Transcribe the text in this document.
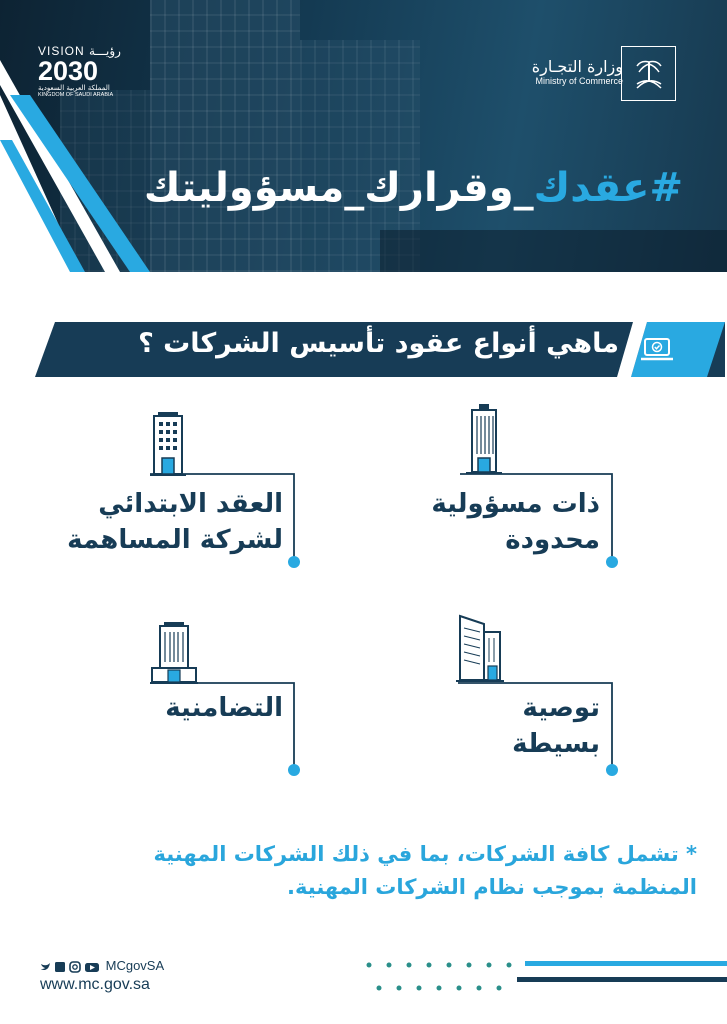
VISION رؤيـــة
2030
المملكة العربية السعودية
KINGDOM OF SAUDI ARABIA
وزارة التجـارة
Ministry of Commerce
#عقدك_وقرارك_مسؤوليتك
ماهي أنواع عقود تأسيس الشركات ؟
ذات مسؤولية
محدودة
العقد الابتدائي
لشركة المساهمة
توصية
بسيطة
التضامنية
* تشمل كافة الشركات، بما في ذلك الشركات المهنية
المنظمة بموجب نظام الشركات المهنية.
MCgovSA
www.mc.gov.sa
